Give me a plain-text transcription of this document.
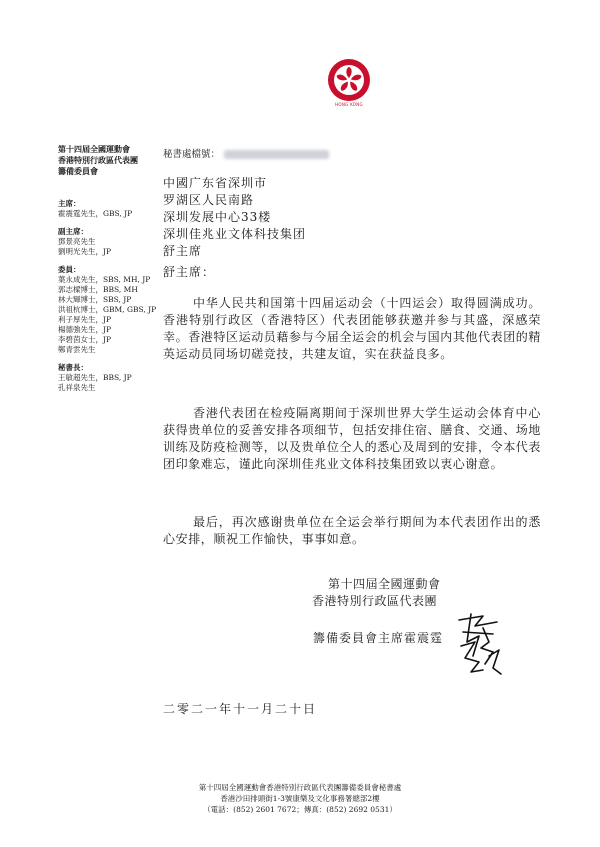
HONG KONG
第十四屆全國運動會
香港特別行政區代表團
籌備委員會
主席：
霍震霆先生，GBS, JP
副主席：
鄧景亮先生
劉明光先生，JP
委員：
葉永成先生，SBS, MH, JP
郭志樑博士，BBS, MH
林大輝博士，SBS, JP
洪祖杭博士，GBM, GBS, JP
利子厚先生，JP
楊德強先生，JP
李碧茵女士，JP
鄭青雲先生
秘書長：
王敏超先生，BBS, JP
孔祥泉先生
秘書處檔號：
中國广东省深圳市
罗湖区人民南路
深圳发展中心33楼
深圳佳兆业文体科技集团
舒主席
舒主席：
中华人民共和国第十四届运动会（十四运会）取得圆满成功。香港特别行政区（香港特区）代表团能够获邀并参与其盛，深感荣幸。香港特区运动员藉参与今届全运会的机会与国内其他代表团的精英运动员同场切磋竞技，共建友谊，实在获益良多。
香港代表团在检疫隔离期间于深圳世界大学生运动会体育中心获得贵单位的妥善安排各项细节，包括安排住宿、膳食、交通、场地训练及防疫检测等，以及贵单位仝人的悉心及周到的安排，令本代表团印象难忘，谨此向深圳佳兆业文体科技集团致以衷心谢意。
最后，再次感谢贵单位在全运会举行期间为本代表团作出的悉心安排，顺祝工作愉快，事事如意。
第十四屆全國運動會
香港特別行政區代表團
籌備委員會主席霍震霆
二零二一年十一月二十日
第十四屆全國運動會香港特別行政區代表團籌備委員會秘書處
香港沙田排頭街1-3號康樂及文化事務署總部2樓
（電話：(852) 2601 7672；傳真：(852) 2692 0531）
